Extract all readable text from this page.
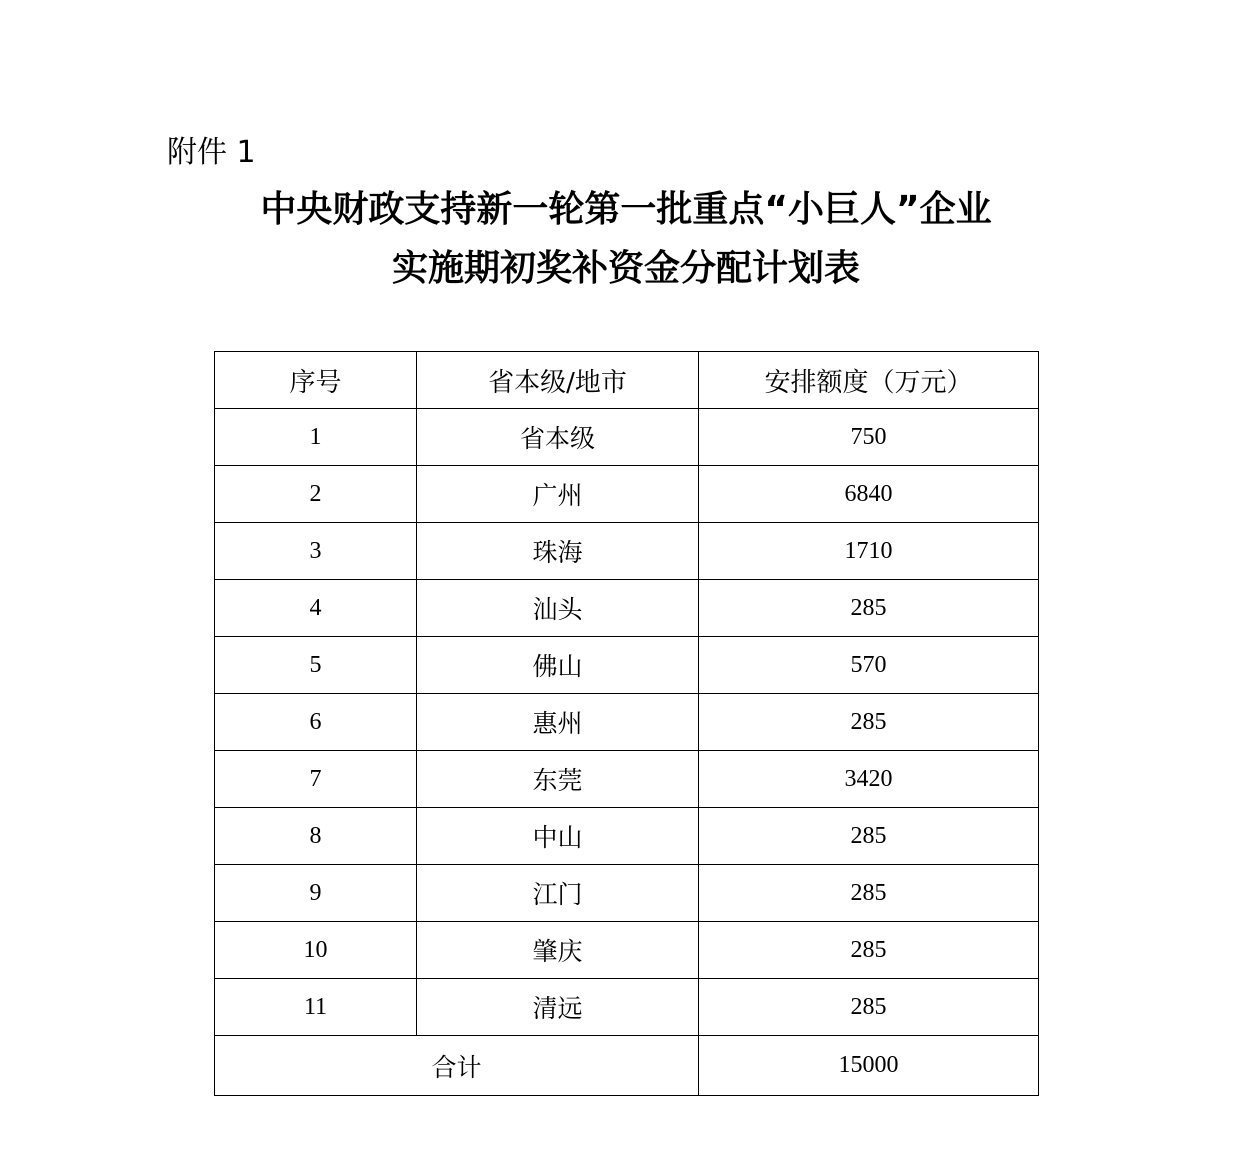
附件 1
中央财政支持新一轮第一批重点“小巨人”企业
实施期初奖补资金分配计划表
序号	省本级/地市	安排额度（万元）
1	省本级	750
2	广州	6840
3	珠海	1710
4	汕头	285
5	佛山	570
6	惠州	285
7	东莞	3420
8	中山	285
9	江门	285
10	肇庆	285
11	清远	285
合计		15000
